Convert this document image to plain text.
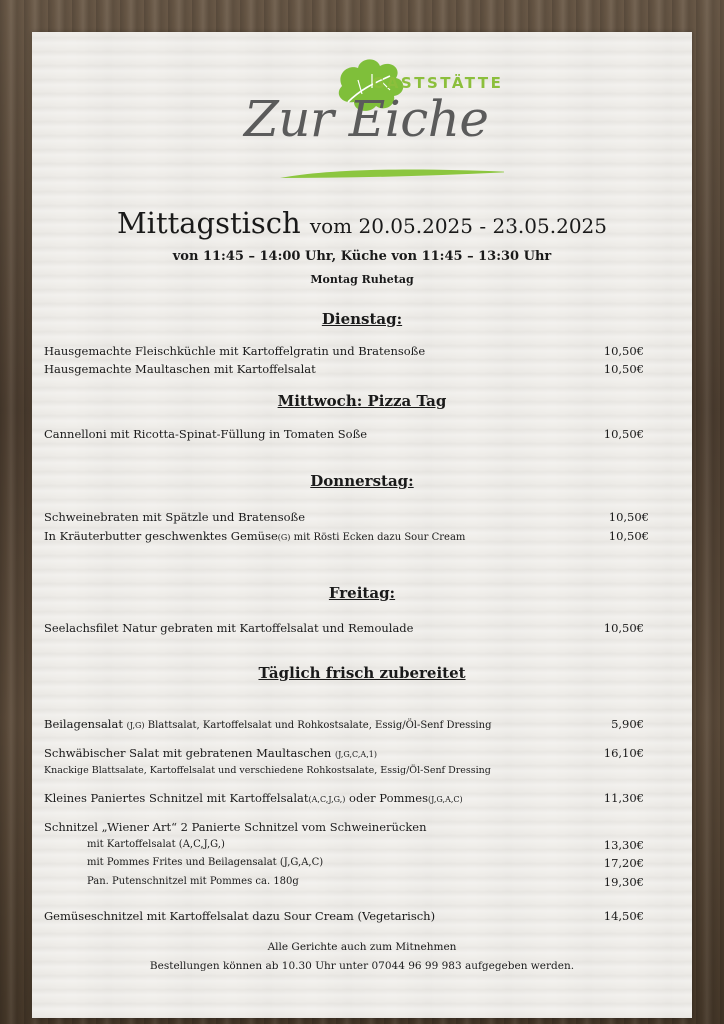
GASTSTÄTTE
Zur Eiche
Mittagstisch vom 20.05.2025 - 23.05.2025
von 11:45 – 14:00 Uhr, Küche von 11:45 – 13:30 Uhr
Montag Ruhetag
Dienstag:
Hausgemachte Fleischküchle mit Kartoffelgratin und Bratensoße	10,50€
Hausgemachte Maultaschen mit Kartoffelsalat	10,50€
Mittwoch: Pizza Tag
Cannelloni mit Ricotta-Spinat-Füllung in Tomaten Soße	10,50€
Donnerstag:
Schweinebraten mit Spätzle und Bratensoße	10,50€
In Kräuterbutter geschwenktes Gemüse(G) mit Rösti Ecken dazu Sour Cream	10,50€
Freitag:
Seelachsfilet Natur gebraten mit Kartoffelsalat und Remoulade	10,50€
Täglich frisch zubereitet
Beilagensalat (J,G) Blattsalat, Kartoffelsalat und Rohkostsalate, Essig/Öl-Senf Dressing	5,90€
Schwäbischer Salat mit gebratenen Maultaschen (J,G,C,A,1)	16,10€
Knackige Blattsalate, Kartoffelsalat und verschiedene Rohkostsalate, Essig/Öl-Senf Dressing
Kleines Paniertes Schnitzel mit Kartoffelsalat(A,C,J,G,) oder Pommes(J,G,A,C)	11,30€
Schnitzel „Wiener Art“ 2 Panierte Schnitzel vom Schweinerücken
mit Kartoffelsalat (A,C,J,G,)	13,30€
mit Pommes Frites und Beilagensalat (J,G,A,C)	17,20€
Pan. Putenschnitzel mit Pommes ca. 180g	19,30€
Gemüseschnitzel mit Kartoffelsalat dazu Sour Cream (Vegetarisch)	14,50€
Alle Gerichte auch zum Mitnehmen
Bestellungen können ab 10.30 Uhr unter 07044 96 99 983 aufgegeben werden.
